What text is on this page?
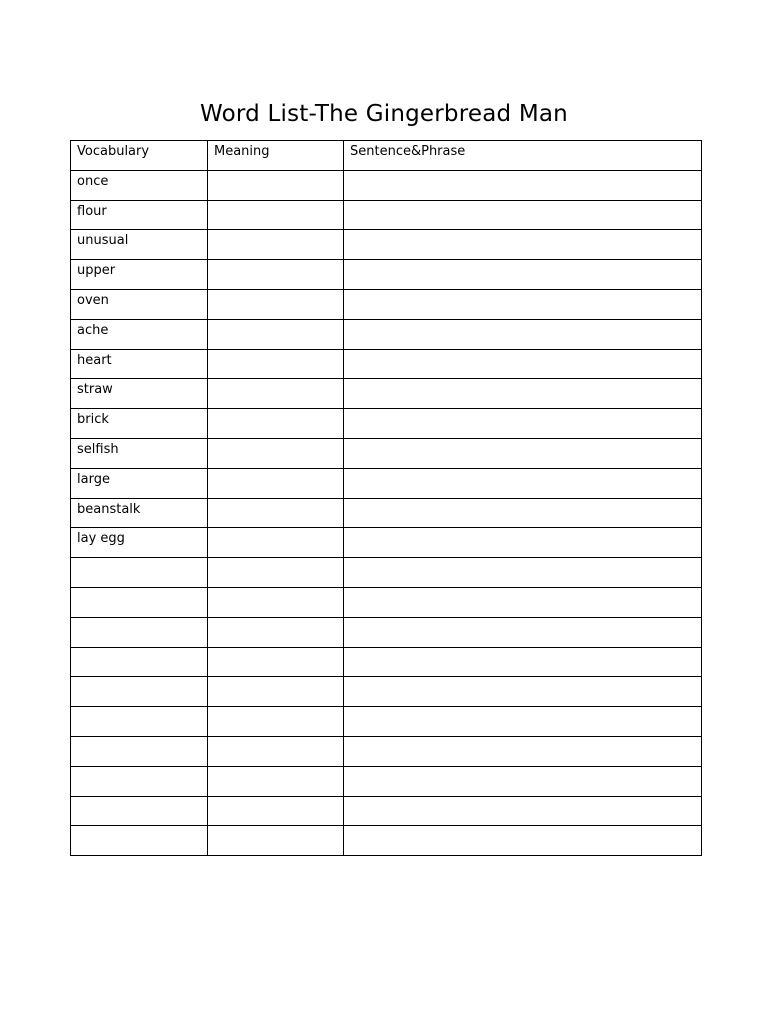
Word List-The Gingerbread Man
Vocabulary	Meaning	Sentence&Phrase
once		
flour		
unusual		
upper		
oven		
ache		
heart		
straw		
brick		
selfish		
large		
beanstalk		
lay egg		
